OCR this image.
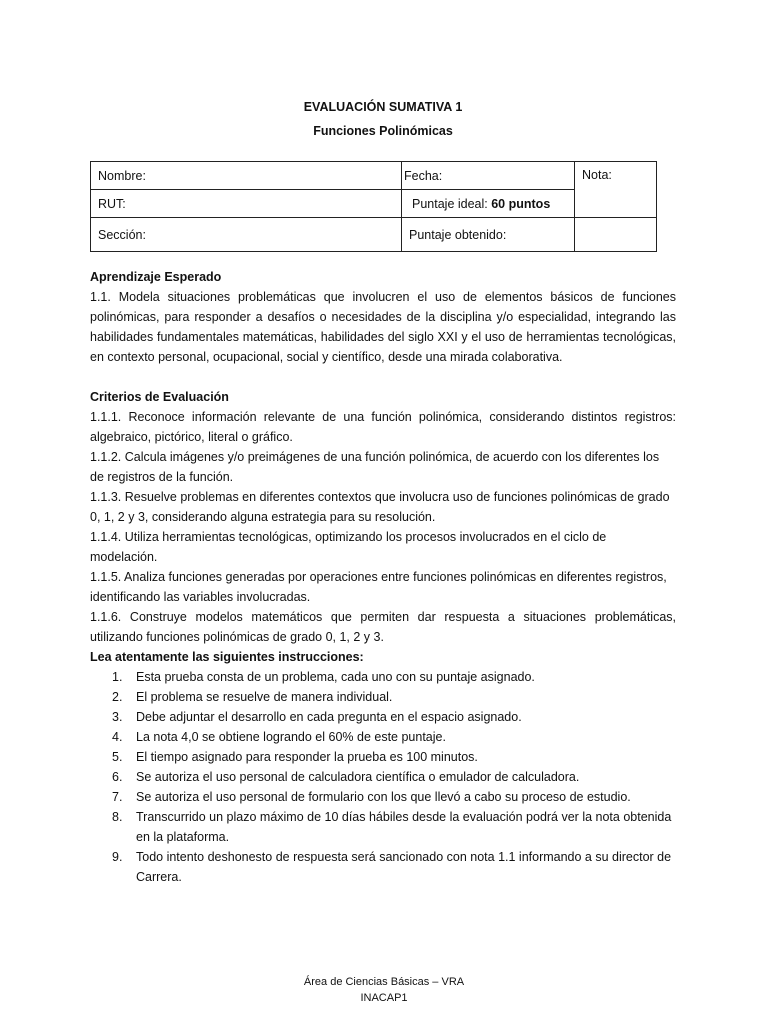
EVALUACIÓN SUMATIVA 1
Funciones Polinómicas
Nombre:	Fecha:	Nota:
RUT:	Puntaje ideal: 60 puntos	
Sección:	Puntaje obtenido:	
Aprendizaje Esperado
1.1. Modela situaciones problemáticas que involucren el uso de elementos básicos de funciones polinómicas, para responder a desafíos o necesidades de la disciplina y/o especialidad, integrando las habilidades fundamentales matemáticas, habilidades del siglo XXI y el uso de herramientas tecnológicas, en contexto personal, ocupacional, social y científico, desde una mirada colaborativa.
Criterios de Evaluación
1.1.1. Reconoce información relevante de una función polinómica, considerando distintos registros: algebraico, pictórico, literal o gráfico.
1.1.2. Calcula imágenes y/o preimágenes de una función polinómica, de acuerdo con los diferentes los de registros de la función.
1.1.3. Resuelve problemas en diferentes contextos que involucra uso de funciones polinómicas de grado 0, 1, 2 y 3, considerando alguna estrategia para su resolución.
1.1.4. Utiliza herramientas tecnológicas, optimizando los procesos involucrados en el ciclo de modelación.
1.1.5. Analiza funciones generadas por operaciones entre funciones polinómicas en diferentes registros, identificando las variables involucradas.
1.1.6. Construye modelos matemáticos que permiten dar respuesta a situaciones problemáticas, utilizando funciones polinómicas de grado 0, 1, 2 y 3.
Lea atentamente las siguientes instrucciones:
1. Esta prueba consta de un problema, cada uno con su puntaje asignado.
2. El problema se resuelve de manera individual.
3. Debe adjuntar el desarrollo en cada pregunta en el espacio asignado.
4. La nota 4,0 se obtiene logrando el 60% de este puntaje.
5. El tiempo asignado para responder la prueba es 100 minutos.
6. Se autoriza el uso personal de calculadora científica o emulador de calculadora.
7. Se autoriza el uso personal de formulario con los que llevó a cabo su proceso de estudio.
8. Transcurrido un plazo máximo de 10 días hábiles desde la evaluación podrá ver la nota obtenida en la plataforma.
9. Todo intento deshonesto de respuesta será sancionado con nota 1.1 informando a su director de Carrera.
Área de Ciencias Básicas – VRA
INACAP1
